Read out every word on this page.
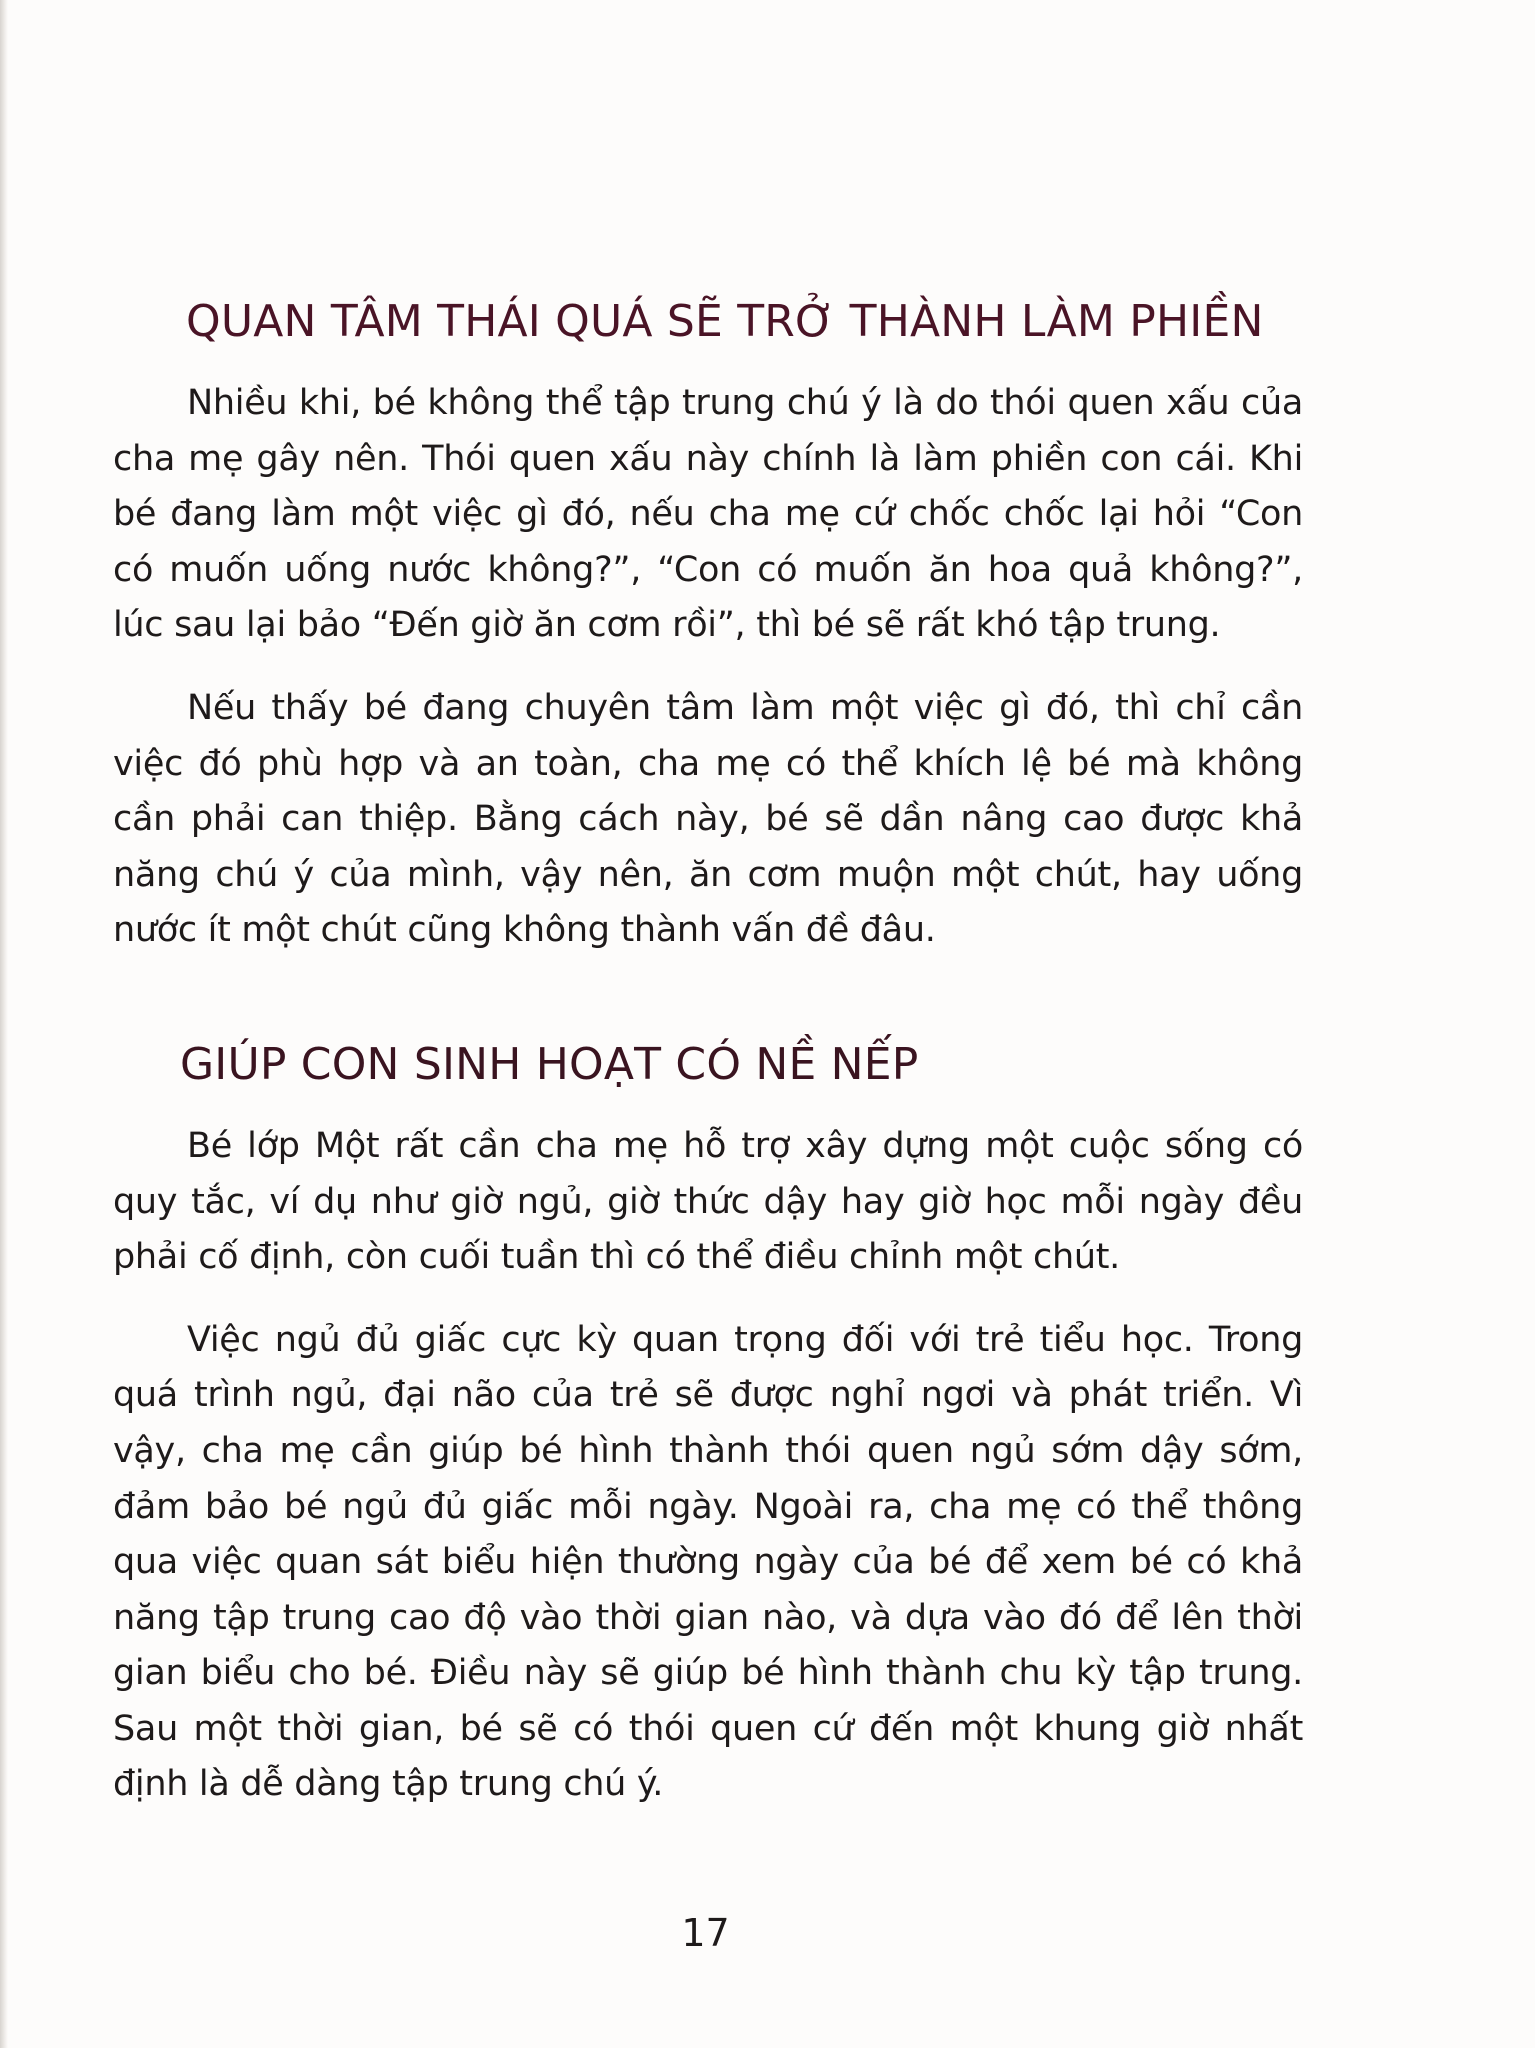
QUAN TÂM THÁI QUÁ SẼ TRỞ THÀNH LÀM PHIỀN

Nhiều khi, bé không thể tập trung chú ý là do thói quen xấu của cha mẹ gây nên. Thói quen xấu này chính là làm phiền con cái. Khi bé đang làm một việc gì đó, nếu cha mẹ cứ chốc chốc lại hỏi “Con có muốn uống nước không?”, “Con có muốn ăn hoa quả không?”, lúc sau lại bảo “Đến giờ ăn cơm rồi”, thì bé sẽ rất khó tập trung.

Nếu thấy bé đang chuyên tâm làm một việc gì đó, thì chỉ cần việc đó phù hợp và an toàn, cha mẹ có thể khích lệ bé mà không cần phải can thiệp. Bằng cách này, bé sẽ dần nâng cao được khả năng chú ý của mình, vậy nên, ăn cơm muộn một chút, hay uống nước ít một chút cũng không thành vấn đề đâu.

GIÚP CON SINH HOẠT CÓ NỀ NẾP

Bé lớp Một rất cần cha mẹ hỗ trợ xây dựng một cuộc sống có quy tắc, ví dụ như giờ ngủ, giờ thức dậy hay giờ học mỗi ngày đều phải cố định, còn cuối tuần thì có thể điều chỉnh một chút.

Việc ngủ đủ giấc cực kỳ quan trọng đối với trẻ tiểu học. Trong quá trình ngủ, đại não của trẻ sẽ được nghỉ ngơi và phát triển. Vì vậy, cha mẹ cần giúp bé hình thành thói quen ngủ sớm dậy sớm, đảm bảo bé ngủ đủ giấc mỗi ngày. Ngoài ra, cha mẹ có thể thông qua việc quan sát biểu hiện thường ngày của bé để xem bé có khả năng tập trung cao độ vào thời gian nào, và dựa vào đó để lên thời gian biểu cho bé. Điều này sẽ giúp bé hình thành chu kỳ tập trung. Sau một thời gian, bé sẽ có thói quen cứ đến một khung giờ nhất định là dễ dàng tập trung chú ý.

17
